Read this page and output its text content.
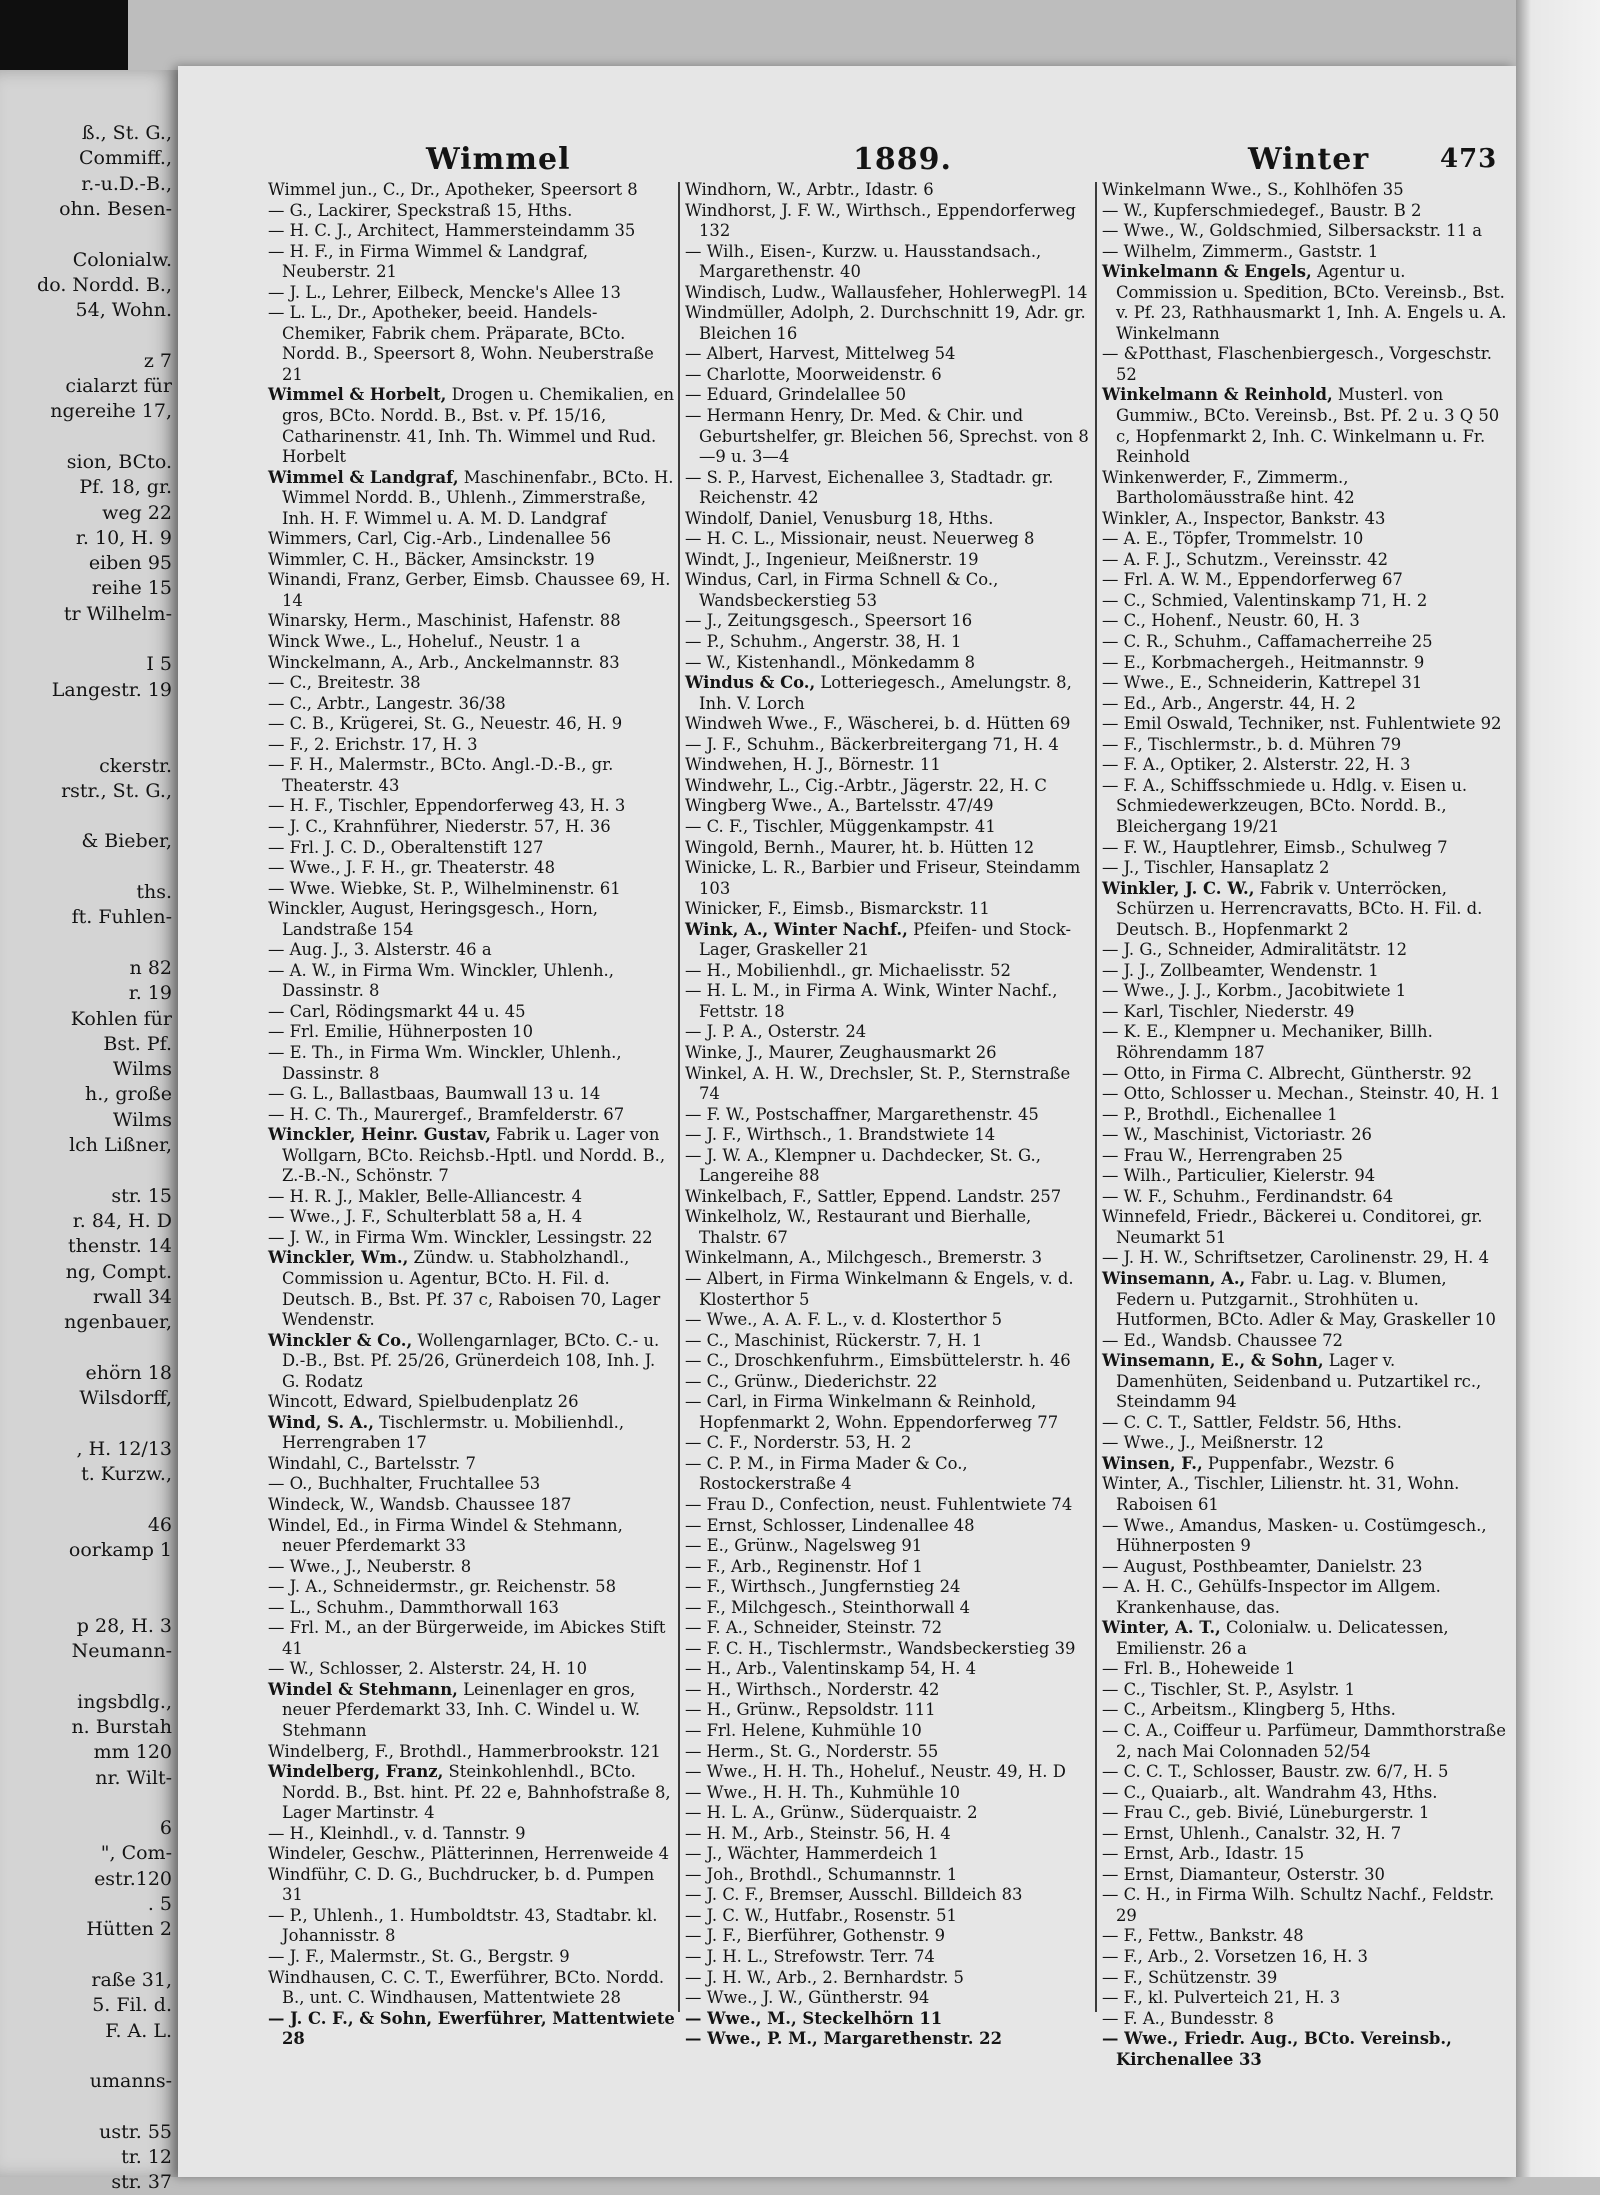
ß., St. G.,
Commiff.,
r.-u.D.-B.,
ohn. Besen-
Colonialw.
do. Nordd. B.,
54, Wohn.
z 7
cialarzt für
ngereihe 17,
sion, BCto.
Pf. 18, gr.
weg 22
r. 10, H. 9
eiben 95
reihe 15
tr Wilhelm-
I 5
Langestr. 19
ckerstr.
rstr., St. G.,
& Bieber,
ths.
ft. Fuhlen-
n 82
r. 19
Kohlen für
Bst. Pf.
Wilms
h., große
Wilms
lch Lißner,
str. 15
r. 84, H. D
thenstr. 14
ng, Compt.
rwall 34
ngenbauer,
ehörn 18
Wilsdorff,
, H. 12/13
t. Kurzw.,
46
oorkamp 1
p 28, H. 3
Neumann-
ingsbdlg.,
n. Burstah
mm 120
nr. Wilt-
6
", Com-
estr.120
. 5
Hütten 2
raße 31,
5. Fil. d.
F. A. L.
umanns-
ustr. 55
tr. 12
str. 37
Wimmel	1889.	Winter	473
Wimmel jun., C., Dr., Apotheker, Speersort 8
— G., Lackirer, Speckstraß 15, Hths.
— H. C. J., Architect, Hammersteindamm 35
— H. F., in Firma Wimmel & Landgraf, Neuberstr. 21
— J. L., Lehrer, Eilbeck, Mencke's Allee 13
— L. L., Dr., Apotheker, beeid. Handels-Chemiker, Fabrik chem. Präparate, BCto. Nordd. B., Speersort 8, Wohn. Neuberstraße 21
Wimmel & Horbelt, Drogen u. Chemikalien, en gros, BCto. Nordd. B., Bst. v. Pf. 15/16, Catharinenstr. 41, Inh. Th. Wimmel und Rud. Horbelt
Wimmel & Landgraf, Maschinenfabr., BCto. H. Wimmel Nordd. B., Uhlenh., Zimmerstraße, Inh. H. F. Wimmel u. A. M. D. Landgraf
Wimmers, Carl, Cig.-Arb., Lindenallee 56
Wimmler, C. H., Bäcker, Amsinckstr. 19
Winandi, Franz, Gerber, Eimsb. Chaussee 69, H. 14
Winarsky, Herm., Maschinist, Hafenstr. 88
Winck Wwe., L., Hoheluf., Neustr. 1 a
Winckelmann, A., Arb., Anckelmannstr. 83
— C., Breitestr. 38
— C., Arbtr., Langestr. 36/38
— C. B., Krügerei, St. G., Neuestr. 46, H. 9
— F., 2. Erichstr. 17, H. 3
— F. H., Malermstr., BCto. Angl.-D.-B., gr. Theaterstr. 43
— H. F., Tischler, Eppendorferweg 43, H. 3
— J. C., Krahnführer, Niederstr. 57, H. 36
— Frl. J. C. D., Oberaltenstift 127
— Wwe., J. F. H., gr. Theaterstr. 48
— Wwe. Wiebke, St. P., Wilhelminenstr. 61
Winckler, August, Heringsgesch., Horn, Landstraße 154
— Aug. J., 3. Alsterstr. 46 a
— A. W., in Firma Wm. Winckler, Uhlenh., Dassinstr. 8
— Carl, Rödingsmarkt 44 u. 45
— Frl. Emilie, Hühnerposten 10
— E. Th., in Firma Wm. Winckler, Uhlenh., Dassinstr. 8
— G. L., Ballastbaas, Baumwall 13 u. 14
— H. C. Th., Maurergef., Bramfelderstr. 67
Winckler, Heinr. Gustav, Fabrik u. Lager von Wollgarn, BCto. Reichsb.-Hptl. und Nordd. B., Z.-B.-N., Schönstr. 7
— H. R. J., Makler, Belle-Alliancestr. 4
— Wwe., J. F., Schulterblatt 58 a, H. 4
— J. W., in Firma Wm. Winckler, Lessingstr. 22
Winckler, Wm., Zündw. u. Stabholzhandl., Commission u. Agentur, BCto. H. Fil. d. Deutsch. B., Bst. Pf. 37 c, Raboisen 70, Lager Wendenstr.
Winckler & Co., Wollengarnlager, BCto. C.- u. D.-B., Bst. Pf. 25/26, Grünerdeich 108, Inh. J. G. Rodatz
Wincott, Edward, Spielbudenplatz 26
Wind, S. A., Tischlermstr. u. Mobilienhdl., Herrengraben 17
Windahl, C., Bartelsstr. 7
— O., Buchhalter, Fruchtallee 53
Windeck, W., Wandsb. Chaussee 187
Windel, Ed., in Firma Windel & Stehmann, neuer Pferdemarkt 33
— Wwe., J., Neuberstr. 8
— J. A., Schneidermstr., gr. Reichenstr. 58
— L., Schuhm., Dammthorwall 163
— Frl. M., an der Bürgerweide, im Abickes Stift 41
— W., Schlosser, 2. Alsterstr. 24, H. 10
Windel & Stehmann, Leinenlager en gros, neuer Pferdemarkt 33, Inh. C. Windel u. W. Stehmann
Windelberg, F., Brothdl., Hammerbrookstr. 121
Windelberg, Franz, Steinkohlenhdl., BCto. Nordd. B., Bst. hint. Pf. 22 e, Bahnhofstraße 8, Lager Martinstr. 4
— H., Kleinhdl., v. d. Tannstr. 9
Windeler, Geschw., Plätterinnen, Herrenweide 4
Windführ, C. D. G., Buchdrucker, b. d. Pumpen 31
— P., Uhlenh., 1. Humboldtstr. 43, Stadtabr. kl. Johannisstr. 8
— J. F., Malermstr., St. G., Bergstr. 9
Windhausen, C. C. T., Ewerführer, BCto. Nordd. B., unt. C. Windhausen, Mattentwiete 28
— J. C. F., & Sohn, Ewerführer, Mattentwiete 28
Windhorn, W., Arbtr., Idastr. 6
Windhorst, J. F. W., Wirthsch., Eppendorferweg 132
— Wilh., Eisen-, Kurzw. u. Hausstandsach., Margarethenstr. 40
Windisch, Ludw., Wallausfeher, HohlerwegPl. 14
Windmüller, Adolph, 2. Durchschnitt 19, Adr. gr. Bleichen 16
— Albert, Harvest, Mittelweg 54
— Charlotte, Moorweidenstr. 6
— Eduard, Grindelallee 50
— Hermann Henry, Dr. Med. & Chir. und Geburtshelfer, gr. Bleichen 56, Sprechst. von 8—9 u. 3—4
— S. P., Harvest, Eichenallee 3, Stadtadr. gr. Reichenstr. 42
Windolf, Daniel, Venusburg 18, Hths.
— H. C. L., Missionair, neust. Neuerweg 8
Windt, J., Ingenieur, Meißnerstr. 19
Windus, Carl, in Firma Schnell & Co., Wandsbeckerstieg 53
— J., Zeitungsgesch., Speersort 16
— P., Schuhm., Angerstr. 38, H. 1
— W., Kistenhandl., Mönkedamm 8
Windus & Co., Lotteriegesch., Amelungstr. 8, Inh. V. Lorch
Windweh Wwe., F., Wäscherei, b. d. Hütten 69
— J. F., Schuhm., Bäckerbreitergang 71, H. 4
Windwehen, H. J., Börnestr. 11
Windwehr, L., Cig.-Arbtr., Jägerstr. 22, H. C
Wingberg Wwe., A., Bartelsstr. 47/49
— C. F., Tischler, Müggenkampstr. 41
Wingold, Bernh., Maurer, ht. b. Hütten 12
Winicke, L. R., Barbier und Friseur, Steindamm 103
Winicker, F., Eimsb., Bismarckstr. 11
Wink, A., Winter Nachf., Pfeifen- und Stock-Lager, Graskeller 21
— H., Mobilienhdl., gr. Michaelisstr. 52
— H. L. M., in Firma A. Wink, Winter Nachf., Fettstr. 18
— J. P. A., Osterstr. 24
Winke, J., Maurer, Zeughausmarkt 26
Winkel, A. H. W., Drechsler, St. P., Sternstraße 74
— F. W., Postschaffner, Margarethenstr. 45
— J. F., Wirthsch., 1. Brandstwiete 14
— J. W. A., Klempner u. Dachdecker, St. G., Langereihe 88
Winkelbach, F., Sattler, Eppend. Landstr. 257
Winkelholz, W., Restaurant und Bierhalle, Thalstr. 67
Winkelmann, A., Milchgesch., Bremerstr. 3
— Albert, in Firma Winkelmann & Engels, v. d. Klosterthor 5
— Wwe., A. A. F. L., v. d. Klosterthor 5
— C., Maschinist, Rückerstr. 7, H. 1
— C., Droschkenfuhrm., Eimsbüttelerstr. h. 46
— C., Grünw., Diederichstr. 22
— Carl, in Firma Winkelmann & Reinhold, Hopfenmarkt 2, Wohn. Eppendorferweg 77
— C. F., Norderstr. 53, H. 2
— C. P. M., in Firma Mader & Co., Rostockerstraße 4
— Frau D., Confection, neust. Fuhlentwiete 74
— Ernst, Schlosser, Lindenallee 48
— E., Grünw., Nagelsweg 91
— F., Arb., Reginenstr. Hof 1
— F., Wirthsch., Jungfernstieg 24
— F., Milchgesch., Steinthorwall 4
— F. A., Schneider, Steinstr. 72
— F. C. H., Tischlermstr., Wandsbeckerstieg 39
— H., Arb., Valentinskamp 54, H. 4
— H., Wirthsch., Norderstr. 42
— H., Grünw., Repsoldstr. 111
— Frl. Helene, Kuhmühle 10
— Herm., St. G., Norderstr. 55
— Wwe., H. H. Th., Hoheluf., Neustr. 49, H. D
— Wwe., H. H. Th., Kuhmühle 10
— H. L. A., Grünw., Süderquaistr. 2
— H. M., Arb., Steinstr. 56, H. 4
— J., Wächter, Hammerdeich 1
— Joh., Brothdl., Schumannstr. 1
— J. C. F., Bremser, Ausschl. Billdeich 83
— J. C. W., Hutfabr., Rosenstr. 51
— J. F., Bierführer, Gothenstr. 9
— J. H. L., Strefowstr. Terr. 74
— J. H. W., Arb., 2. Bernhardstr. 5
— Wwe., J. W., Güntherstr. 94
— Wwe., M., Steckelhörn 11
— Wwe., P. M., Margarethenstr. 22
Winkelmann Wwe., S., Kohlhöfen 35
— W., Kupferschmiedegef., Baustr. B 2
— Wwe., W., Goldschmied, Silbersackstr. 11 a
— Wilhelm, Zimmerm., Gaststr. 1
Winkelmann & Engels, Agentur u. Commission u. Spedition, BCto. Vereinsb., Bst. v. Pf. 23, Rathhausmarkt 1, Inh. A. Engels u. A. Winkelmann
— &Potthast, Flaschenbiergesch., Vorgeschstr. 52
Winkelmann & Reinhold, Musterl. von Gummiw., BCto. Vereinsb., Bst. Pf. 2 u. 3 Q 50 c, Hopfenmarkt 2, Inh. C. Winkelmann u. Fr. Reinhold
Winkenwerder, F., Zimmerm., Bartholomäusstraße hint. 42
Winkler, A., Inspector, Bankstr. 43
— A. E., Töpfer, Trommelstr. 10
— A. F. J., Schutzm., Vereinsstr. 42
— Frl. A. W. M., Eppendorferweg 67
— C., Schmied, Valentinskamp 71, H. 2
— C., Hohenf., Neustr. 60, H. 3
— C. R., Schuhm., Caffamacherreihe 25
— E., Korbmachergeh., Heitmannstr. 9
— Wwe., E., Schneiderin, Kattrepel 31
— Ed., Arb., Angerstr. 44, H. 2
— Emil Oswald, Techniker, nst. Fuhlentwiete 92
— F., Tischlermstr., b. d. Mühren 79
— F. A., Optiker, 2. Alsterstr. 22, H. 3
— F. A., Schiffsschmiede u. Hdlg. v. Eisen u. Schmiedewerkzeugen, BCto. Nordd. B., Bleichergang 19/21
— F. W., Hauptlehrer, Eimsb., Schulweg 7
— J., Tischler, Hansaplatz 2
Winkler, J. C. W., Fabrik v. Unterröcken, Schürzen u. Herrencravatts, BCto. H. Fil. d. Deutsch. B., Hopfenmarkt 2
— J. G., Schneider, Admiralitätstr. 12
— J. J., Zollbeamter, Wendenstr. 1
— Wwe., J. J., Korbm., Jacobitwiete 1
— Karl, Tischler, Niederstr. 49
— K. E., Klempner u. Mechaniker, Billh. Röhrendamm 187
— Otto, in Firma C. Albrecht, Güntherstr. 92
— Otto, Schlosser u. Mechan., Steinstr. 40, H. 1
— P., Brothdl., Eichenallee 1
— W., Maschinist, Victoriastr. 26
— Frau W., Herrengraben 25
— Wilh., Particulier, Kielerstr. 94
— W. F., Schuhm., Ferdinandstr. 64
Winnefeld, Friedr., Bäckerei u. Conditorei, gr. Neumarkt 51
— J. H. W., Schriftsetzer, Carolinenstr. 29, H. 4
Winsemann, A., Fabr. u. Lag. v. Blumen, Federn u. Putzgarnit., Strohhüten u. Hutformen, BCto. Adler & May, Graskeller 10
— Ed., Wandsb. Chaussee 72
Winsemann, E., & Sohn, Lager v. Damenhüten, Seidenband u. Putzartikel rc., Steindamm 94
— C. C. T., Sattler, Feldstr. 56, Hths.
— Wwe., J., Meißnerstr. 12
Winsen, F., Puppenfabr., Wezstr. 6
Winter, A., Tischler, Lilienstr. ht. 31, Wohn. Raboisen 61
— Wwe., Amandus, Masken- u. Costümgesch., Hühnerposten 9
— August, Posthbeamter, Danielstr. 23
— A. H. C., Gehülfs-Inspector im Allgem. Krankenhause, das.
Winter, A. T., Colonialw. u. Delicatessen, Emilienstr. 26 a
— Frl. B., Hoheweide 1
— C., Tischler, St. P., Asylstr. 1
— C., Arbeitsm., Klingberg 5, Hths.
— C. A., Coiffeur u. Parfümeur, Dammthorstraße 2, nach Mai Colonnaden 52/54
— C. C. T., Schlosser, Baustr. zw. 6/7, H. 5
— C., Quaiarb., alt. Wandrahm 43, Hths.
— Frau C., geb. Bivié, Lüneburgerstr. 1
— Ernst, Uhlenh., Canalstr. 32, H. 7
— Ernst, Arb., Idastr. 15
— Ernst, Diamanteur, Osterstr. 30
— C. H., in Firma Wilh. Schultz Nachf., Feldstr. 29
— F., Fettw., Bankstr. 48
— F., Arb., 2. Vorsetzen 16, H. 3
— F., Schützenstr. 39
— F., kl. Pulverteich 21, H. 3
— F. A., Bundesstr. 8
— Wwe., Friedr. Aug., BCto. Vereinsb., Kirchenallee 33
